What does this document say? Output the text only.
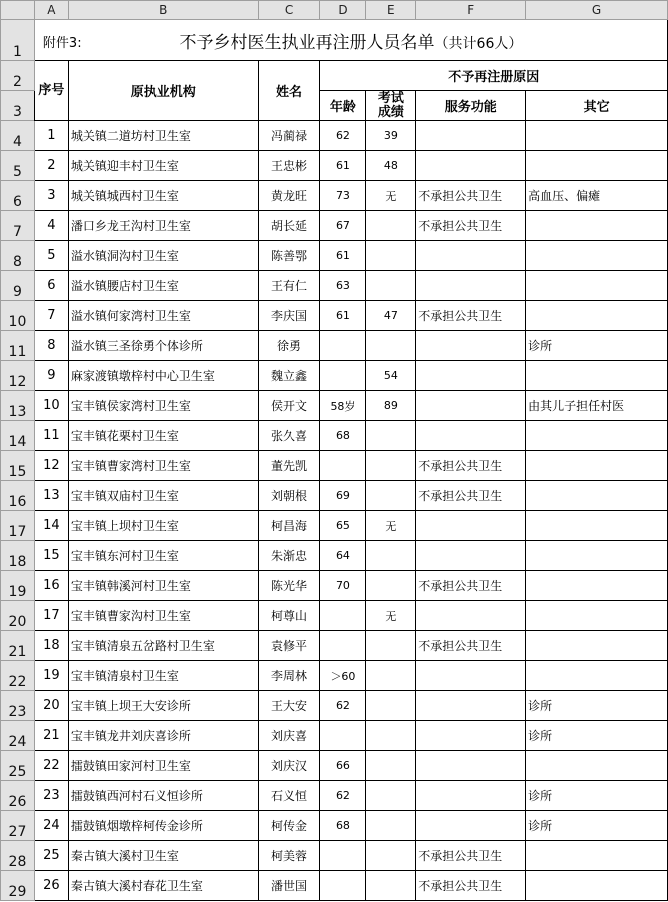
	A	B	C	D	E	F	G
1	附件3: 不予乡村医生执业再注册人员名单（共计66人）						
2	序号	原执业机构	姓名	不予再注册原因			
3				年龄	考试成绩	服务功能	其它
4	1	城关镇二道坊村卫生室	冯蔺禄	62	39		
5	2	城关镇迎丰村卫生室	王忠彬	61	48		
6	3	城关镇城西村卫生室	黄龙旺	73	无	不承担公共卫生	高血压、偏瘫
7	4	潘口乡龙王沟村卫生室	胡长延	67		不承担公共卫生	
8	5	溢水镇洞沟村卫生室	陈善鄂	61			
9	6	溢水镇腰店村卫生室	王有仁	63			
10	7	溢水镇何家湾村卫生室	李庆国	61	47	不承担公共卫生	
11	8	溢水镇三圣徐勇个体诊所	徐勇				诊所
12	9	麻家渡镇墩梓村中心卫生室	魏立鑫		54		
13	10	宝丰镇侯家湾村卫生室	侯开文	58岁	89		由其儿子担任村医
14	11	宝丰镇花栗村卫生室	张久喜	68			
15	12	宝丰镇曹家湾村卫生室	董先凯			不承担公共卫生	
16	13	宝丰镇双庙村卫生室	刘朝根	69		不承担公共卫生	
17	14	宝丰镇上坝村卫生室	柯昌海	65	无		
18	15	宝丰镇东河村卫生室	朱渐忠	64			
19	16	宝丰镇韩溪河村卫生室	陈光华	70		不承担公共卫生	
20	17	宝丰镇曹家沟村卫生室	柯尊山		无		
21	18	宝丰镇清泉五岔路村卫生室	袁修平			不承担公共卫生	
22	19	宝丰镇清泉村卫生室	李周林	＞60			
23	20	宝丰镇上坝王大安诊所	王大安	62			诊所
24	21	宝丰镇龙井刘庆喜诊所	刘庆喜				诊所
25	22	擂鼓镇田家河村卫生室	刘庆汉	66			
26	23	擂鼓镇西河村石义恒诊所	石义恒	62			诊所
27	24	擂鼓镇烟墩梓柯传金诊所	柯传金	68			诊所
28	25	秦古镇大溪村卫生室	柯美蓉			不承担公共卫生	
29	26	秦古镇大溪村春花卫生室	潘世国			不承担公共卫生	
